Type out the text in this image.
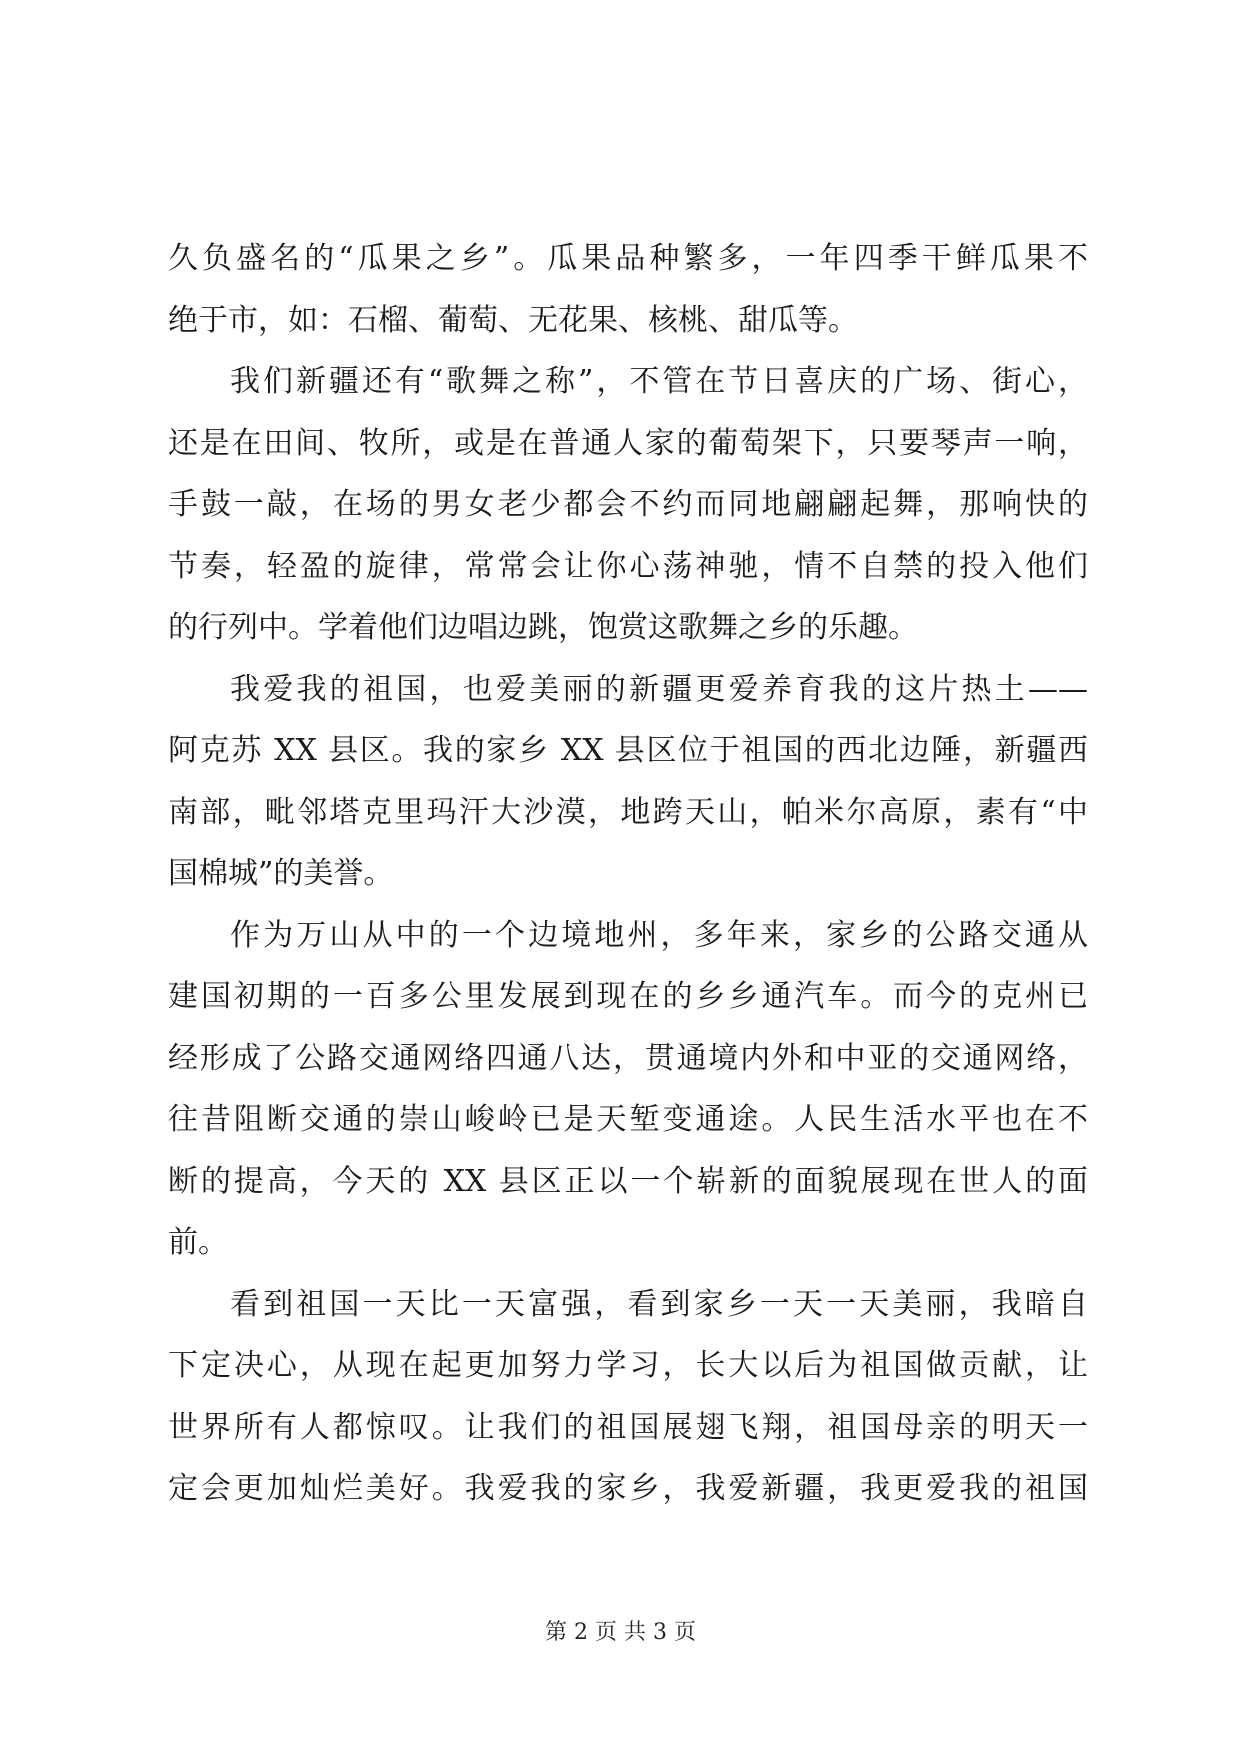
久负盛名的“瓜果之乡”。瓜果品种繁多，一年四季干鲜瓜果不
绝于市，如：石榴、葡萄、无花果、核桃、甜瓜等。
我们新疆还有“歌舞之称”，不管在节日喜庆的广场、街心，
还是在田间、牧所，或是在普通人家的葡萄架下，只要琴声一响，
手鼓一敲，在场的男女老少都会不约而同地翩翩起舞，那响快的
节奏，轻盈的旋律，常常会让你心荡神驰，情不自禁的投入他们
的行列中。学着他们边唱边跳，饱赏这歌舞之乡的乐趣。
我爱我的祖国，也爱美丽的新疆更爱养育我的这片热土——
阿克苏 XX 县区。我的家乡 XX 县区位于祖国的西北边陲，新疆西
南部，毗邻塔克里玛汗大沙漠，地跨天山，帕米尔高原，素有“中
国棉城”的美誉。
作为万山从中的一个边境地州，多年来，家乡的公路交通从
建国初期的一百多公里发展到现在的乡乡通汽车。而今的克州已
经形成了公路交通网络四通八达，贯通境内外和中亚的交通网络，
往昔阻断交通的崇山峻岭已是天堑变通途。人民生活水平也在不
断的提高，今天的 XX 县区正以一个崭新的面貌展现在世人的面
前。
看到祖国一天比一天富强，看到家乡一天一天美丽，我暗自
下定决心，从现在起更加努力学习，长大以后为祖国做贡献，让
世界所有人都惊叹。让我们的祖国展翅飞翔，祖国母亲的明天一
定会更加灿烂美好。我爱我的家乡，我爱新疆，我更爱我的祖国
第 2 页 共 3 页
